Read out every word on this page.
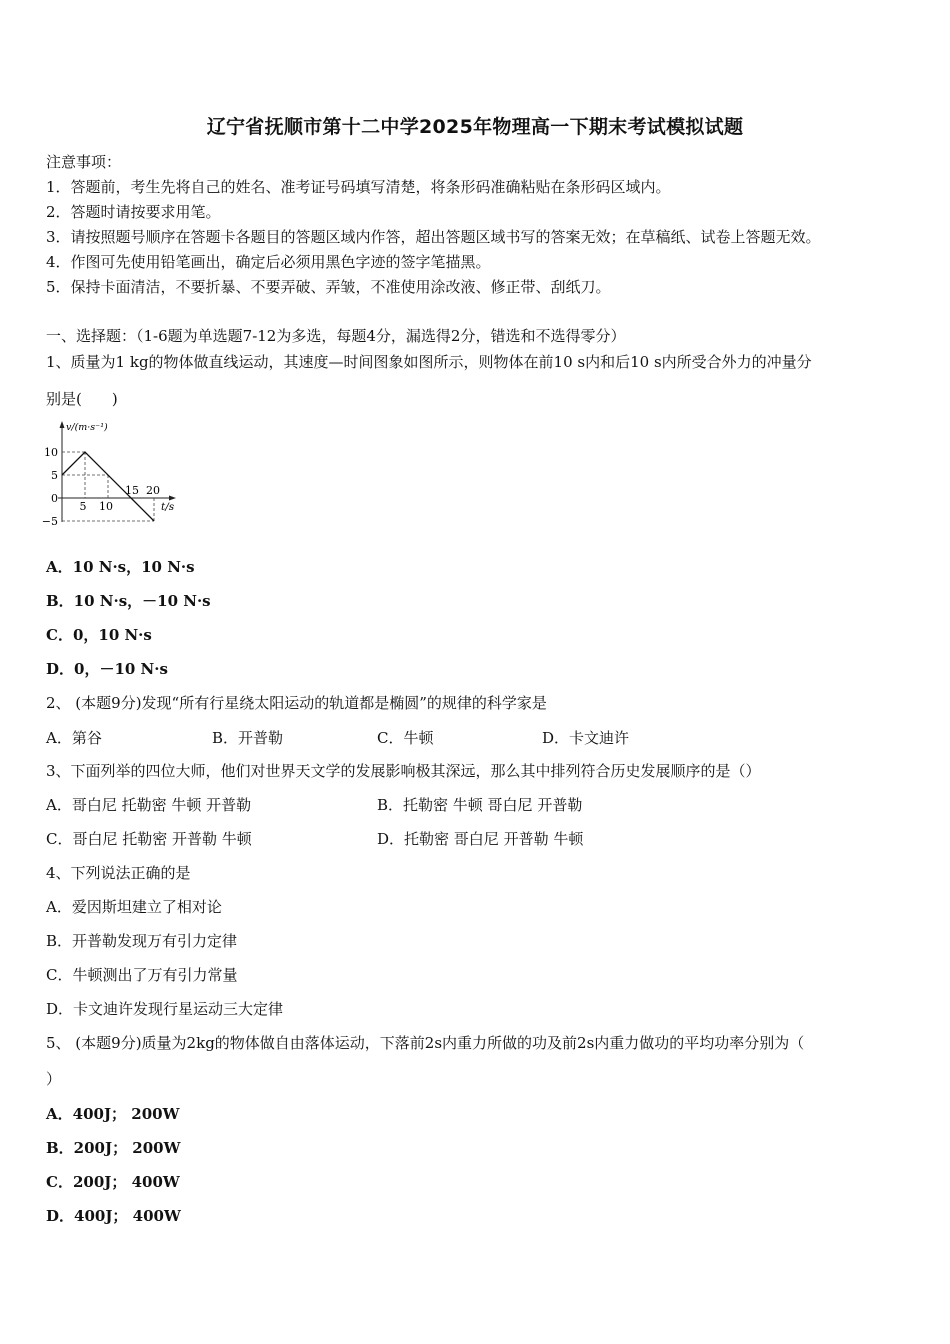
辽宁省抚顺市第十二中学2025年物理高一下期末考试模拟试题
注意事项：
1．答题前，考生先将自己的姓名、准考证号码填写清楚，将条形码准确粘贴在条形码区域内。
2．答题时请按要求用笔。
3．请按照题号顺序在答题卡各题目的答题区域内作答，超出答题区域书写的答案无效；在草稿纸、试卷上答题无效。
4．作图可先使用铅笔画出，确定后必须用黑色字迹的签字笔描黑。
5．保持卡面清洁，不要折暴、不要弄破、弄皱，不准使用涂改液、修正带、刮纸刀。
一、选择题：（1-6题为单选题7-12为多选，每题4分，漏选得2分，错选和不选得零分）
1、质量为1 kg的物体做直线运动，其速度—时间图象如图所示，则物体在前10 s内和后10 s内所受合外力的冲量分
别是(　　)
10
5
0
−5
5 10
15 20
v/(m·s⁻¹)
t/s
A．10 N·s，10 N·s
B．10 N·s，－10 N·s
C．0，10 N·s
D．0，－10 N·s
2、 (本题9分)发现“所有行星绕太阳运动的轨道都是椭圆”的规律的科学家是
A．第谷	B．开普勒	C．牛顿	D．卡文迪许
3、下面列举的四位大师，他们对世界天文学的发展影响极其深远，那么其中排列符合历史发展顺序的是（）
A．哥白尼 托勒密 牛顿 开普勒	B．托勒密 牛顿 哥白尼 开普勒
C．哥白尼 托勒密 开普勒 牛顿	D．托勒密 哥白尼 开普勒 牛顿
4、下列说法正确的是
A．爱因斯坦建立了相对论
B．开普勒发现万有引力定律
C．牛顿测出了万有引力常量
D．卡文迪许发现行星运动三大定律
5、 (本题9分)质量为2kg的物体做自由落体运动，下落前2s内重力所做的功及前2s内重力做功的平均功率分别为（
）
A．400J； 200W
B．200J； 200W
C．200J； 400W
D．400J； 400W
